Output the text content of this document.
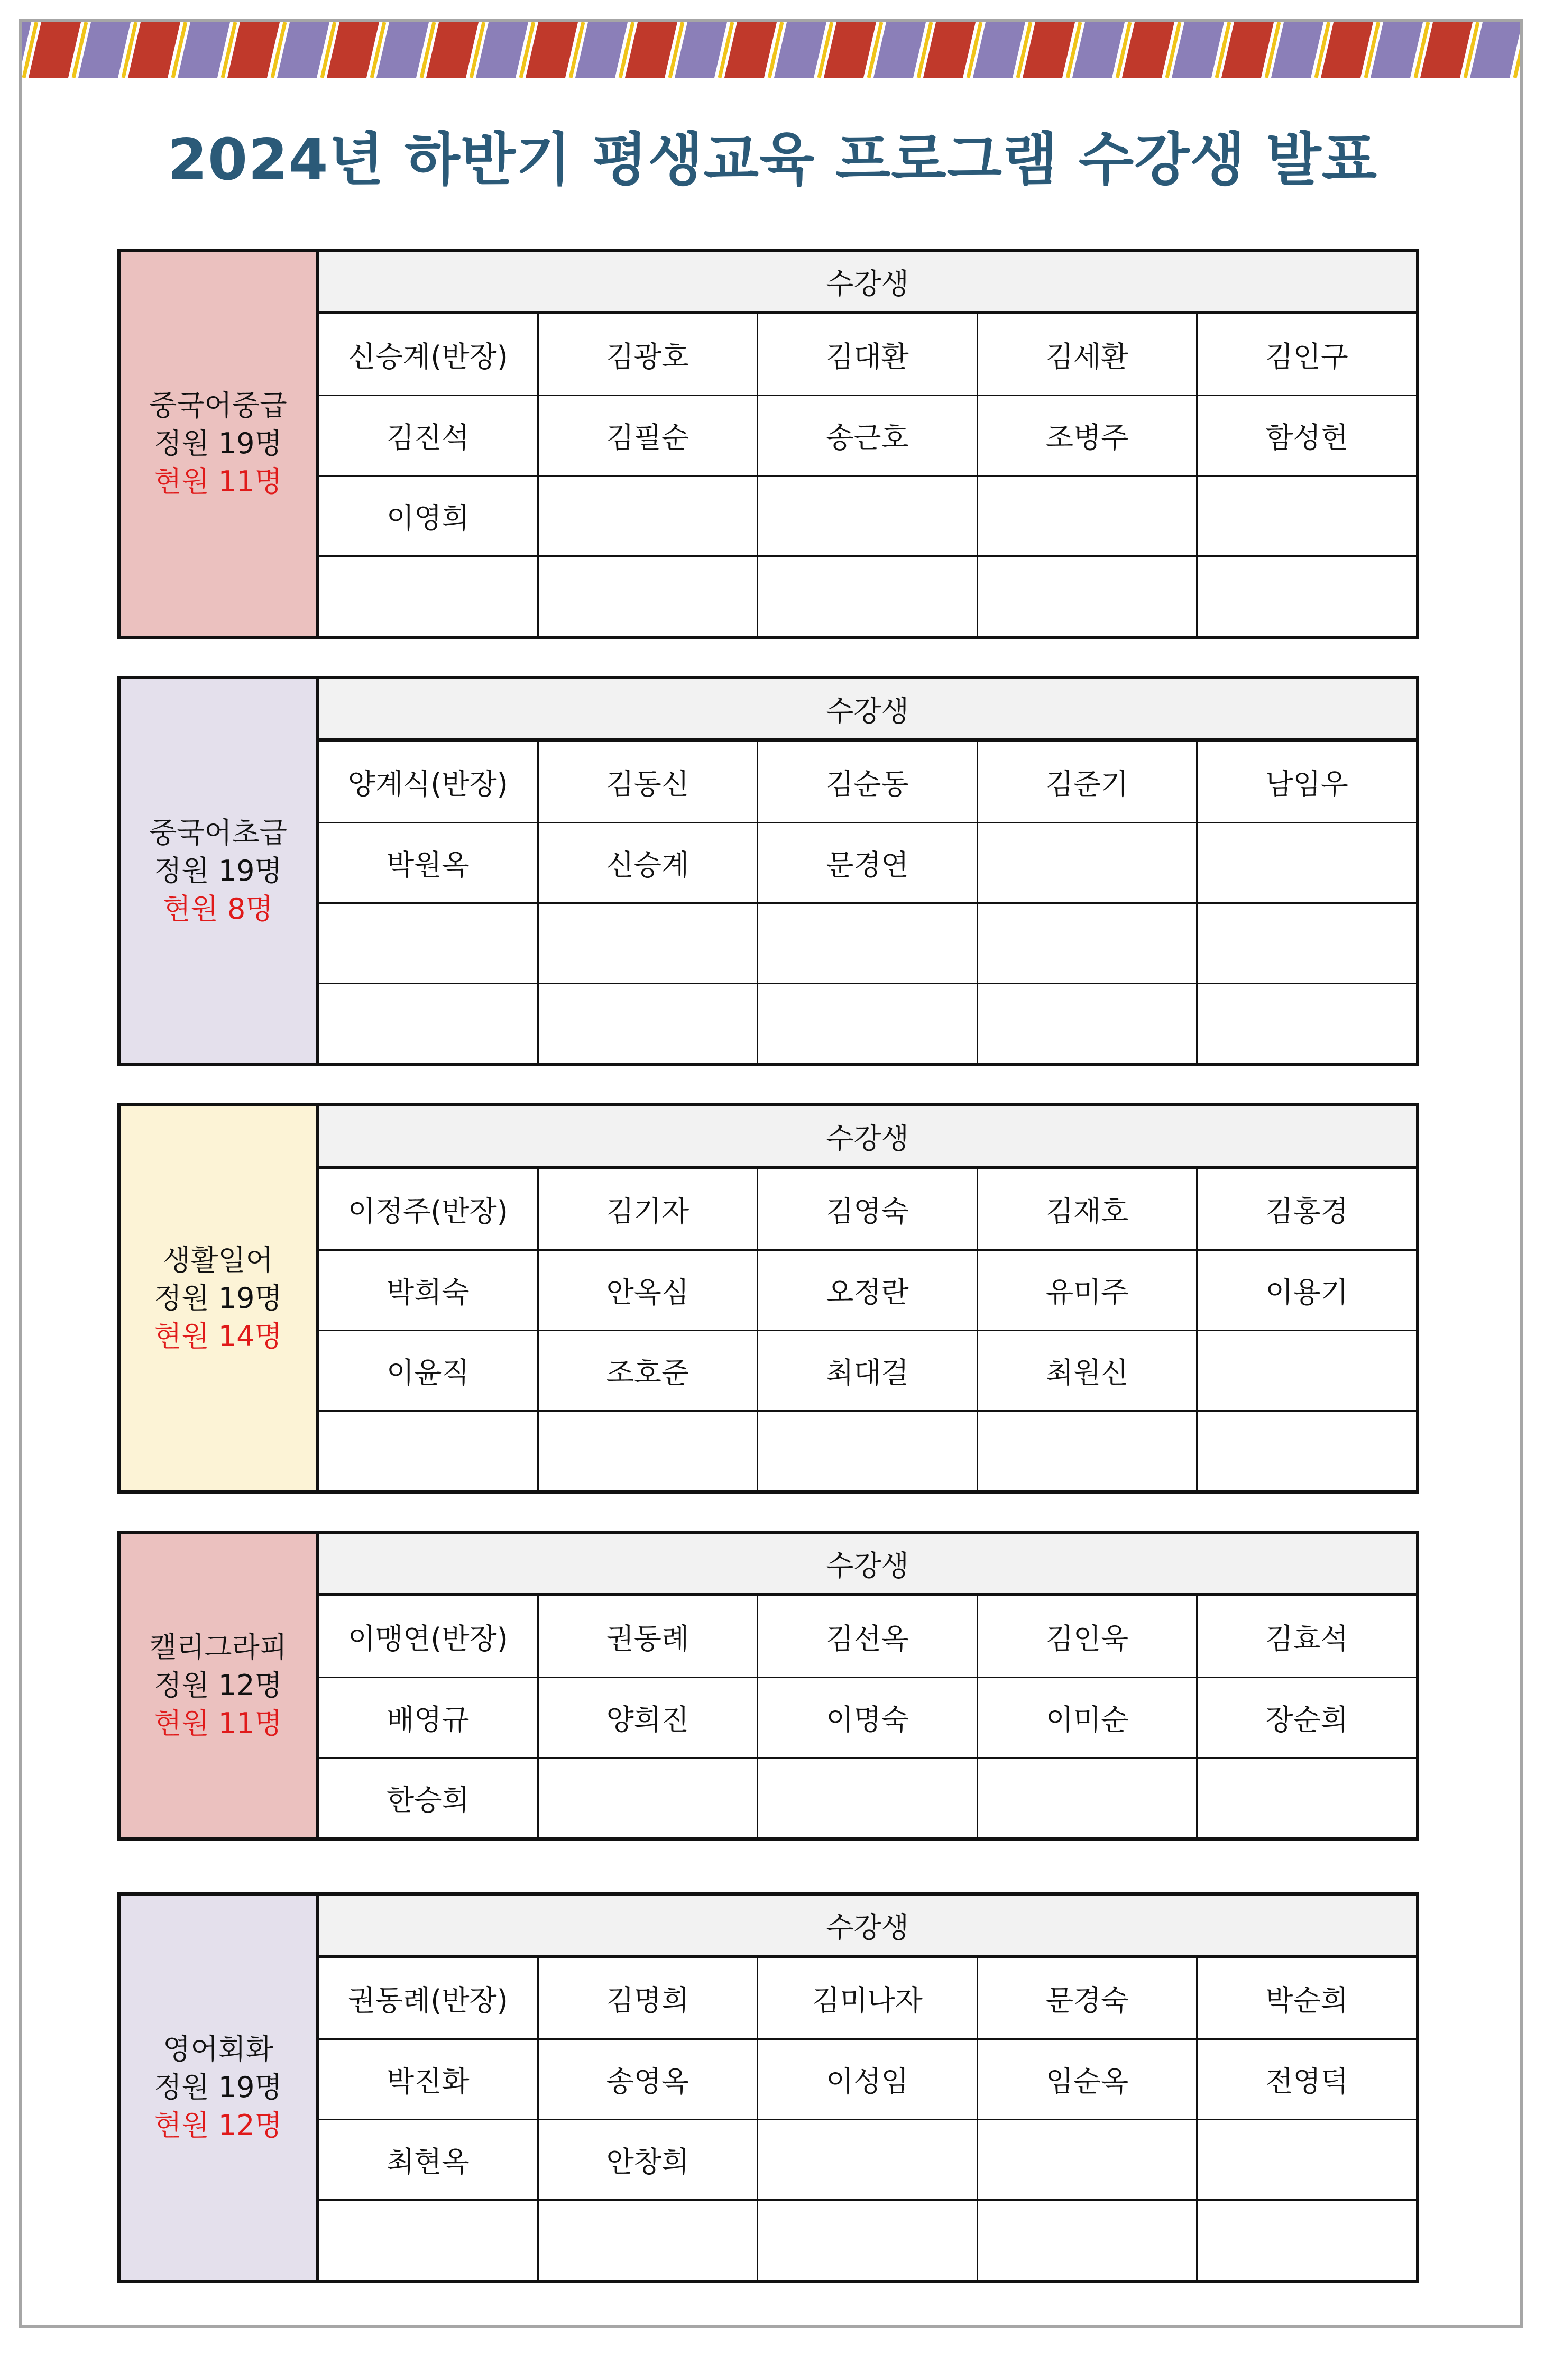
2024년 하반기 평생교육 프로그램 수강생 발표
중국어중급
정원 19명
현원 11명
수강생
신승계(반장)	김광호	김대환	김세환	김인구
김진석	김필순	송근호	조병주	함성헌
이영희
중국어초급
정원 19명
현원 8명
수강생
양계식(반장)	김동신	김순동	김준기	남임우
박원옥	신승계	문경연
생활일어
정원 19명
현원 14명
수강생
이정주(반장)	김기자	김영숙	김재호	김홍경
박희숙	안옥심	오정란	유미주	이용기
이윤직	조호준	최대걸	최원신
캘리그라피
정원 12명
현원 11명
수강생
이맹연(반장)	권동례	김선옥	김인욱	김효석
배영규	양희진	이명숙	이미순	장순희
한승희
영어회화
정원 19명
현원 12명
수강생
권동례(반장)	김명희	김미나자	문경숙	박순희
박진화	송영옥	이성임	임순옥	전영덕
최현옥	안창희
